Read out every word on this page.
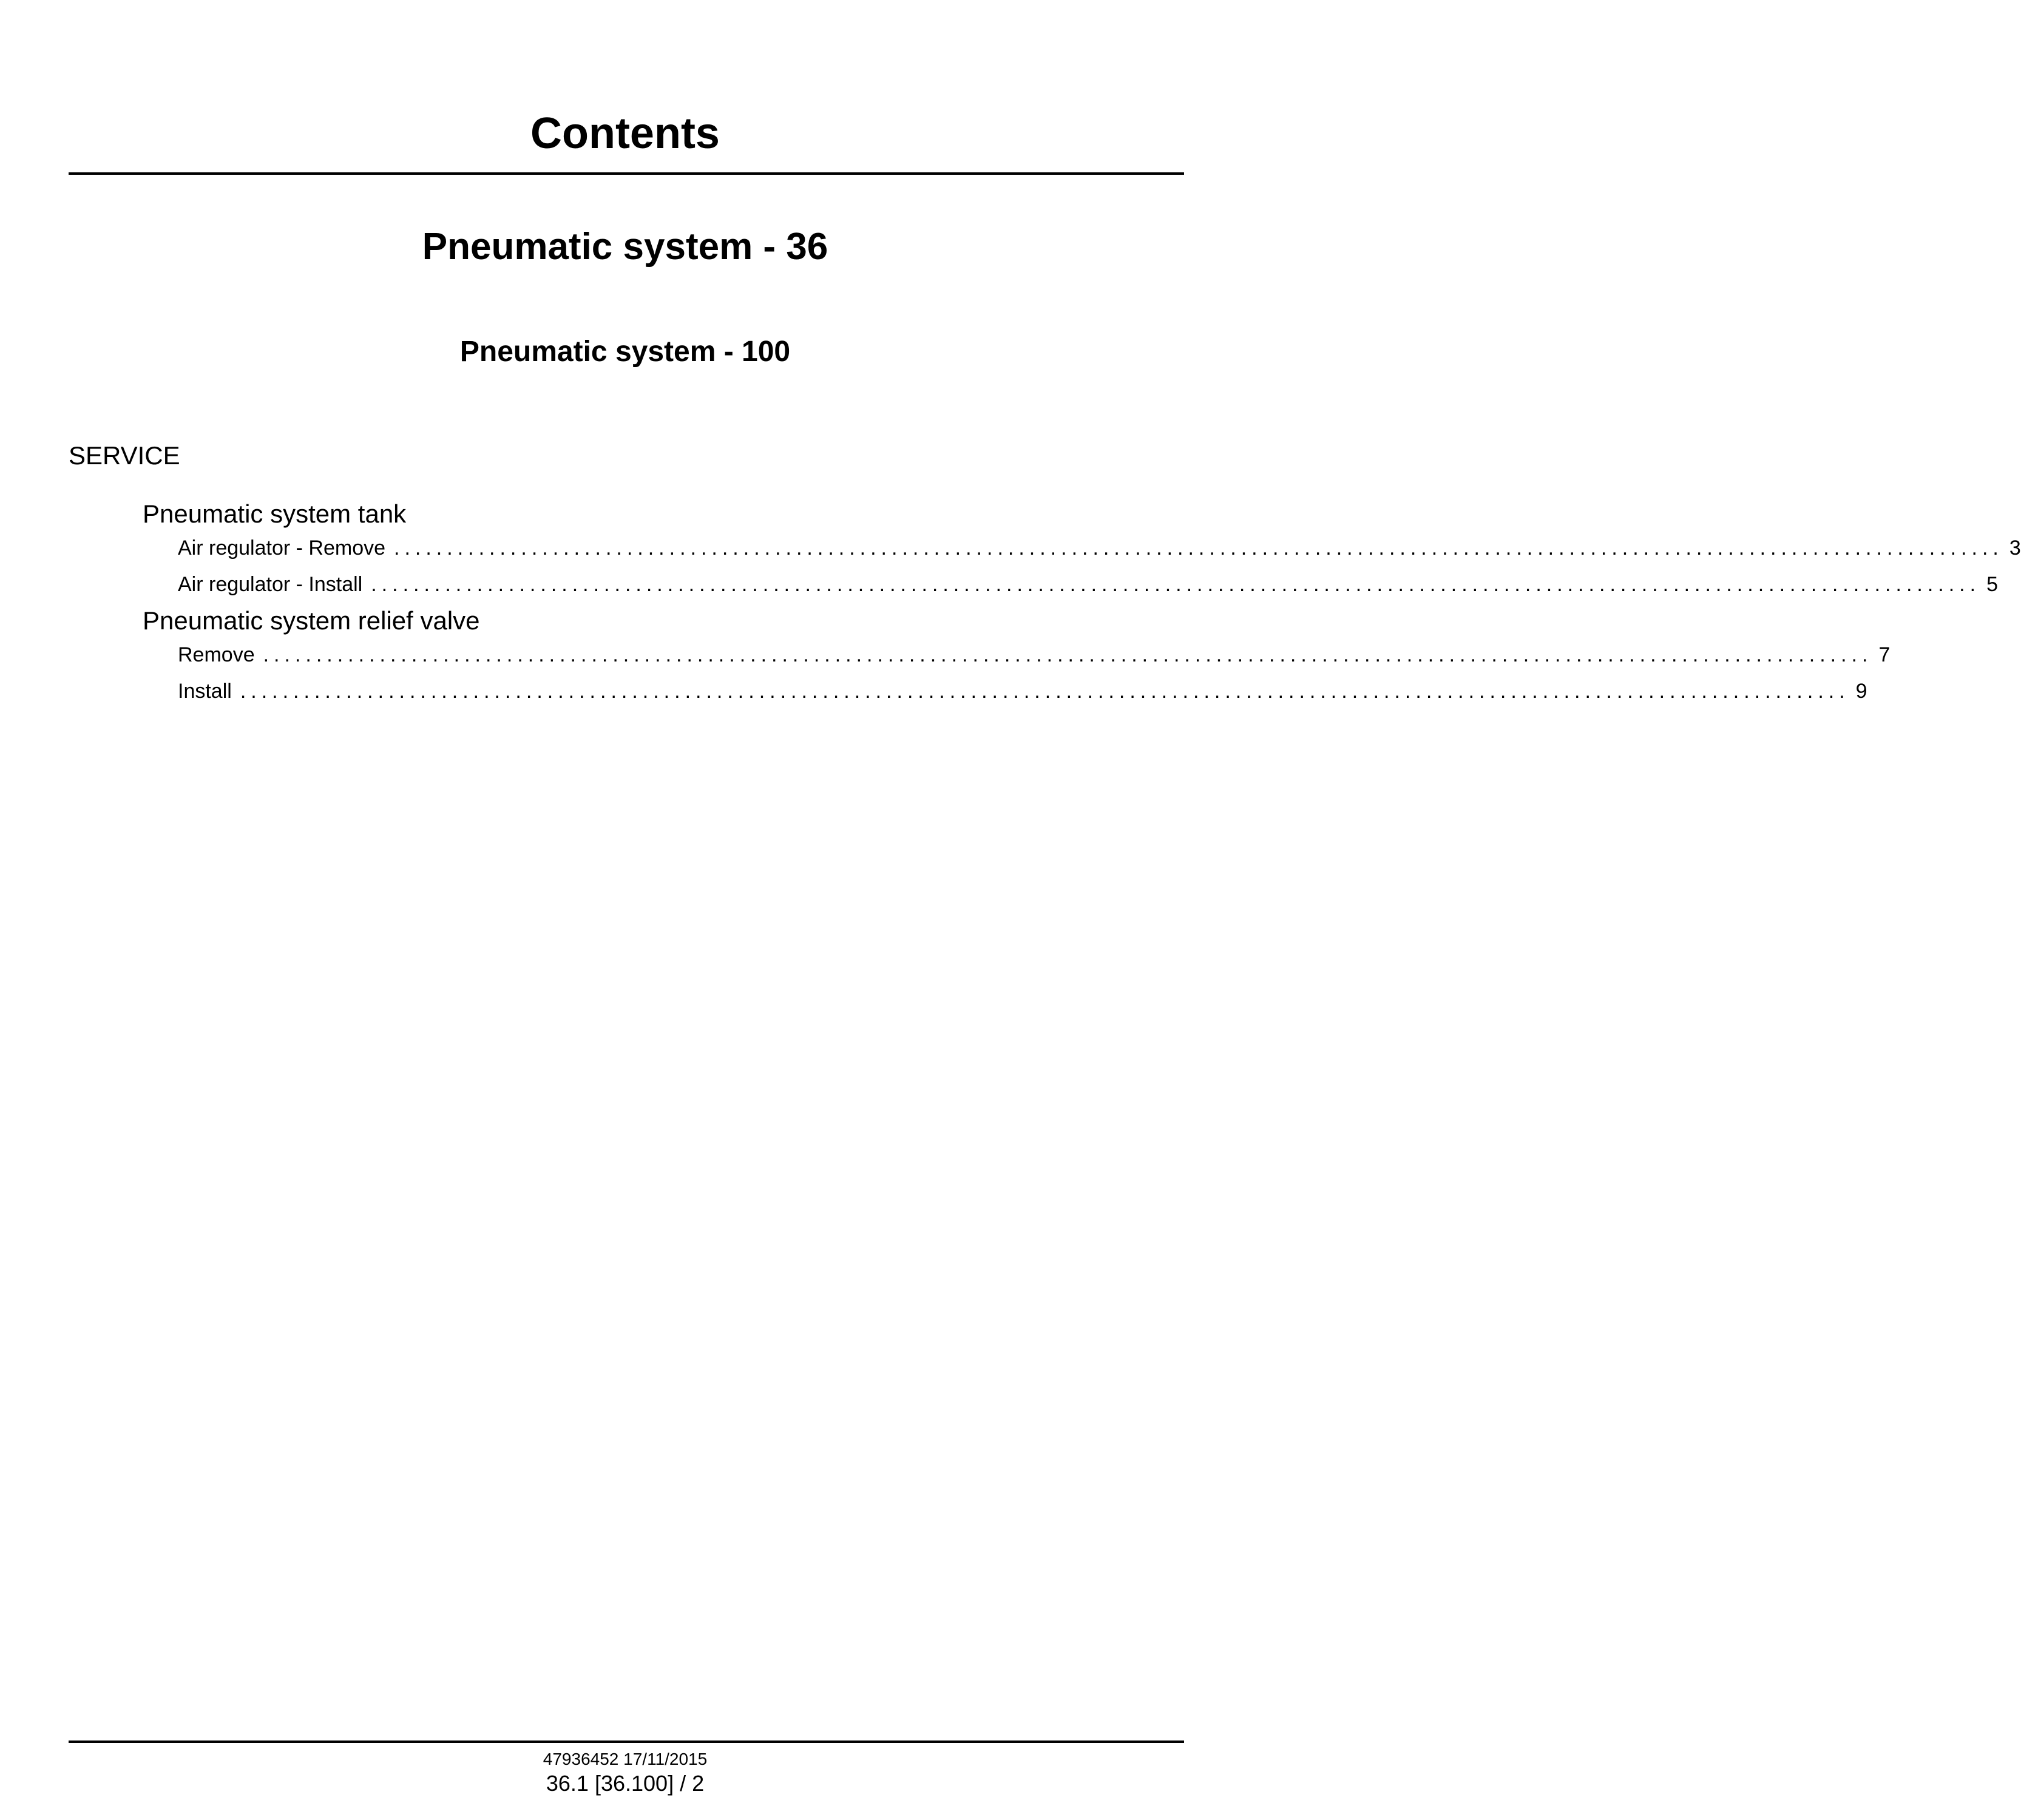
Contents
Pneumatic system - 36
Pneumatic system - 100
SERVICE
Pneumatic system tank
Air regulator - Remove ........................................................................................................................................................ 3
Air regulator - Install ........................................................................................................................................................ 5
Pneumatic system relief valve
Remove ........................................................................................................................................................ 7
Install ........................................................................................................................................................ 9
47936452 17/11/2015
36.1 [36.100] / 2
